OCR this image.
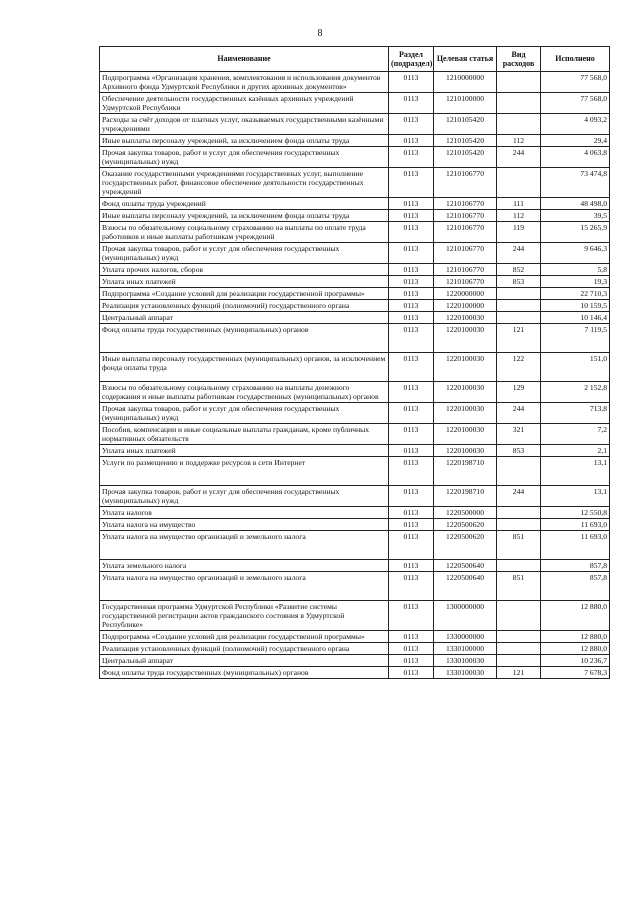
8
Наименование	Раздел (подраздел)	Целевая статья	Вид расходов	Исполнено
Подпрограмма «Организация хранения, комплектования и использования документов Архивного фонда Удмуртской Республики и других архивных документов»	0113	1210000000		77 568,0
Обеспечение деятельности государственных казённых архивных учреждений Удмуртской Республики	0113	1210100000		77 568,0
Расходы за счёт доходов от платных услуг, оказываемых государственными казёнными учреждениями	0113	1210105420		4 093,2
Иные выплаты персоналу учреждений, за исключением фонда оплаты труда	0113	1210105420	112	29,4
Прочая закупка товаров, работ и услуг для обеспечения государственных (муниципальных) нужд	0113	1210105420	244	4 063,8
Оказание государственными учреждениями государственных услуг, выполнение государственных работ, финансовое обеспечение деятельности государственных учреждений	0113	1210106770		73 474,8
Фонд оплаты труда учреждений	0113	1210106770	111	48 498,0
Иные выплаты персоналу учреждений, за исключением фонда оплаты труда	0113	1210106770	112	39,5
Взносы по обязательному социальному страхованию на выплаты по оплате труда работников и иные выплаты работникам учреждений	0113	1210106770	119	15 265,9
Прочая закупка товаров, работ и услуг для обеспечения государственных (муниципальных) нужд	0113	1210106770	244	9 646,3
Уплата прочих налогов, сборов	0113	1210106770	852	5,8
Уплата иных платежей	0113	1210106770	853	19,3
Подпрограмма «Создание условий для реализации государственной программы»	0113	1220000000		22 710,3
Реализация установленных функций (полномочий) государственного органа	0113	1220100000		10 159,5
Центральный аппарат	0113	1220100030		10 146,4
Фонд оплаты труда государственных (муниципальных) органов	0113	1220100030	121	7 119,5
Иные выплаты персоналу государственных (муниципальных) органов, за исключением фонда оплаты труда	0113	1220100030	122	151,0
Взносы по обязательному социальному страхованию на выплаты денежного содержания и иные выплаты работникам государственных (муниципальных) органов	0113	1220100030	129	2 152,8
Прочая закупка товаров, работ и услуг для обеспечения государственных (муниципальных) нужд	0113	1220100030	244	713,8
Пособия, компенсации и иные социальные выплаты гражданам, кроме публичных нормативных обязательств	0113	1220100030	321	7,2
Уплата иных платежей	0113	1220100030	853	2,1
Услуги по размещению и поддержке ресурсов в сети Интернет	0113	1220198710		13,1
Прочая закупка товаров, работ и услуг для обеспечения государственных (муниципальных) нужд	0113	1220198710	244	13,1
Уплата налогов	0113	1220500000		12 550,8
Уплата налога на имущество	0113	1220500620		11 693,0
Уплата налога на имущество организаций и земельного налога	0113	1220500620	851	11 693,0
Уплата земельного налога	0113	1220500640		857,8
Уплата налога на имущество организаций и земельного налога	0113	1220500640	851	857,8
Государственная программа Удмуртской Республики «Развитие системы государственной регистрации актов гражданского состояния в Удмуртской Республике»	0113	1300000000		12 880,0
Подпрограмма «Создание условий для реализации государственной программы»	0113	1330000000		12 880,0
Реализация установленных функций (полномочий) государственного органа	0113	1330100000		12 880,0
Центральный аппарат	0113	1330100030		10 236,7
Фонд оплаты труда государственных (муниципальных) органов	0113	1330100030	121	7 678,3
